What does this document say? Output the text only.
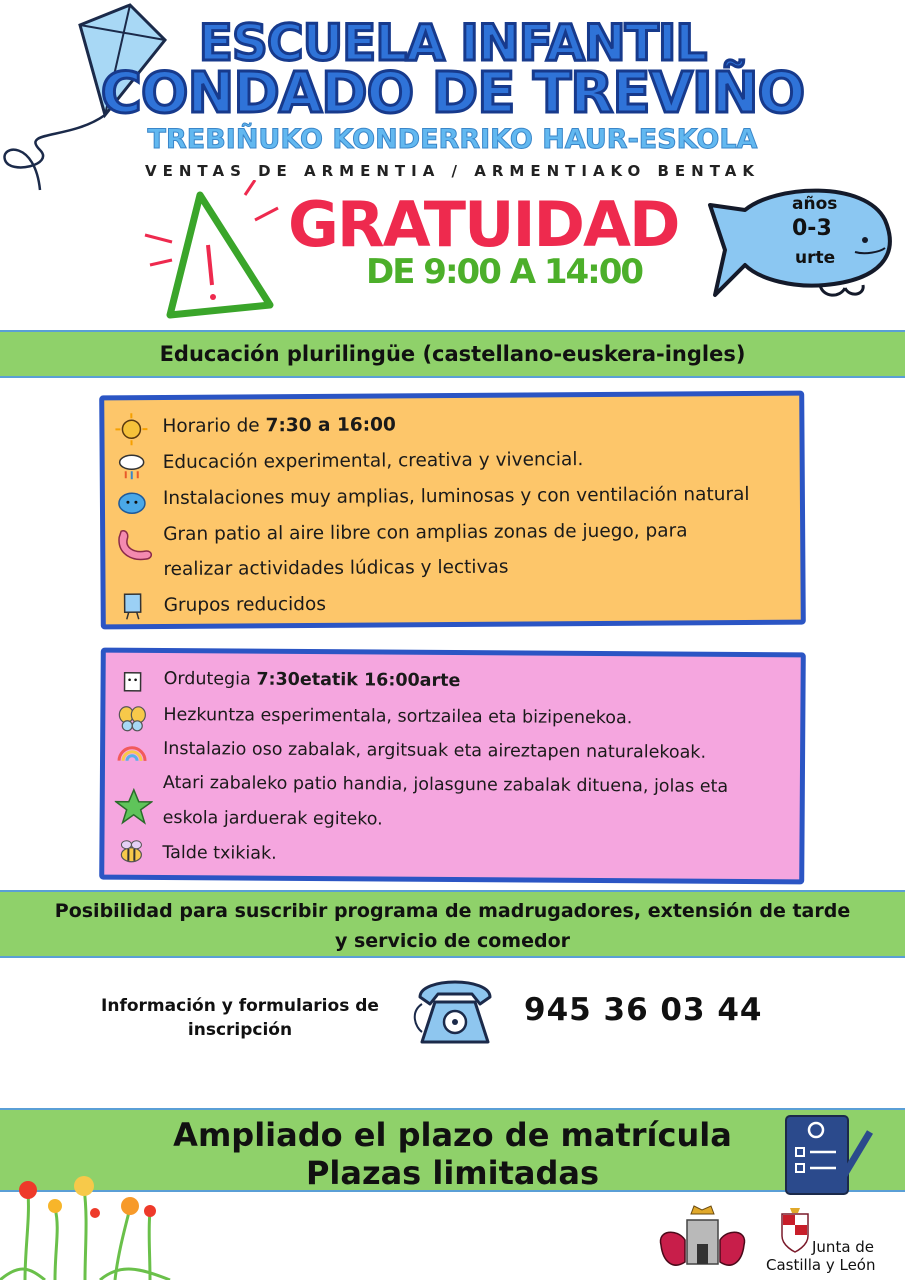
ESCUELA INFANTIL
CONDADO DE TREVIÑO
TREBIÑUKO KONDERRIKO HAUR-ESKOLA
VENTAS DE ARMENTIA / ARMENTIAKO BENTAK
GRATUIDAD
DE 9:00 A 14:00
años
0-3
urte
Educación plurilingüe (castellano-euskera-ingles)
Horario de 7:30 a 16:00
Educación experimental, creativa y vivencial.
Instalaciones muy amplias, luminosas y con ventilación natural
Gran patio al aire libre con amplias zonas de juego, para
realizar actividades lúdicas y lectivas
Grupos reducidos
Ordutegia 7:30etatik 16:00arte
Hezkuntza esperimentala, sortzailea eta bizipenekoa.
Instalazio oso zabalak, argitsuak eta aireztapen naturalekoak.
Atari zabaleko patio handia, jolasgune zabalak dituena, jolas eta
eskola jarduerak egiteko.
Talde txikiak.
Posibilidad para suscribir programa de madrugadores, extensión de tarde
y servicio de comedor
Información y formularios de
inscripción
945 36 03 44
Ampliado el plazo de matrícula
Plazas limitadas
Junta de
Castilla y León
